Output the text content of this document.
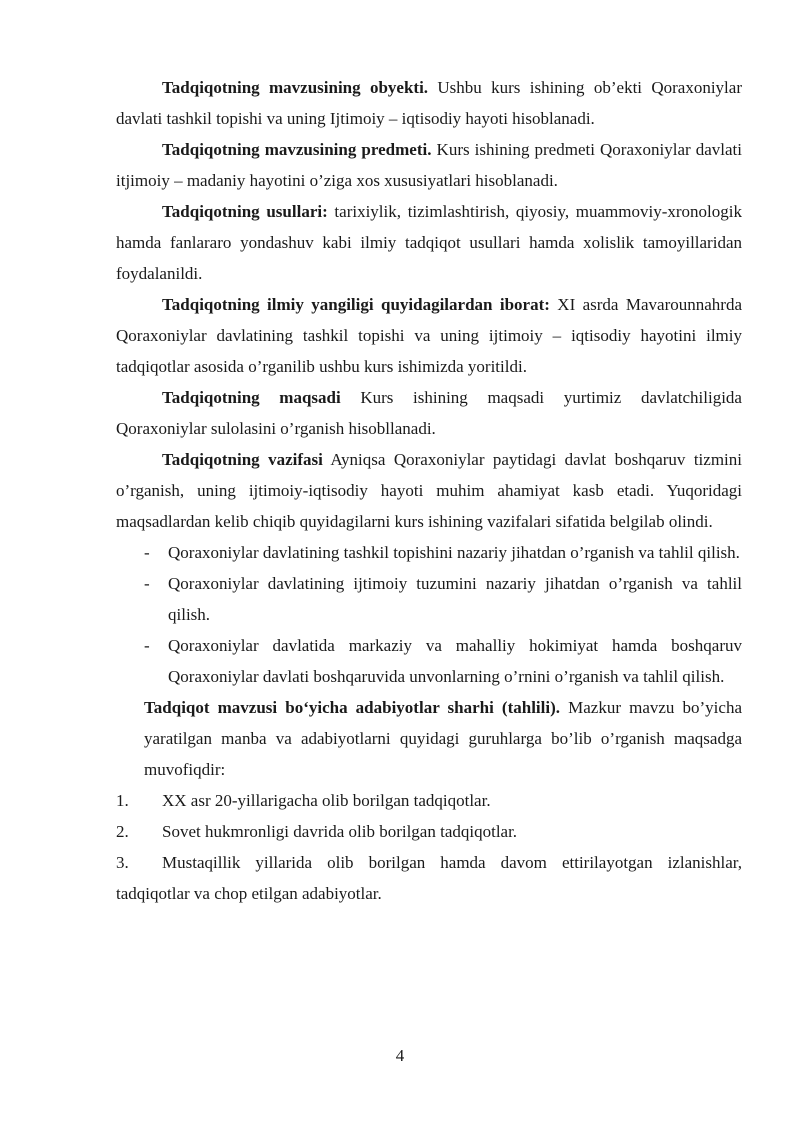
Tadqiqotning mavzusining obyekti. Ushbu kurs ishining ob’ekti Qoraxoniylar davlati tashkil topishi va uning Ijtimoiy – iqtisodiy hayoti hisoblanadi.

Tadqiqotning mavzusining predmeti. Kurs ishining predmeti Qoraxoniylar davlati itjimoiy – madaniy hayotini o’ziga xos xususiyatlari hisoblanadi.

Tadqiqotning usullari: tarixiylik, tizimlashtirish, qiyosiy, muammoviy-xronologik hamda fanlararo yondashuv kabi ilmiy tadqiqot usullari hamda xolislik tamoyillaridan foydalanildi.

Tadqiqotning ilmiy yangiligi quyidagilardan iborat: XI asrda Mavarounnahrda Qoraxoniylar davlatining tashkil topishi va uning ijtimoiy – iqtisodiy hayotini ilmiy tadqiqotlar asosida o’rganilib ushbu kurs ishimizda yoritildi.

Tadqiqotning maqsadi Kurs ishining maqsadi yurtimiz davlatchiligida Qoraxoniylar sulolasini o’rganish hisobllanadi.

Tadqiqotning vazifasi Ayniqsa Qoraxoniylar paytidagi davlat boshqaruv tizmini o’rganish, uning ijtimoiy-iqtisodiy hayoti muhim ahamiyat kasb etadi. Yuqoridagi maqsadlardan kelib chiqib quyidagilarni kurs ishining vazifalari sifatida belgilab olindi.

- Qoraxoniylar davlatining tashkil topishini nazariy jihatdan o’rganish va tahlil qilish.
- Qoraxoniylar davlatining ijtimoiy tuzumini nazariy jihatdan o’rganish va tahlil qilish.
- Qoraxoniylar davlatida markaziy va mahalliy hokimiyat hamda boshqaruv Qoraxoniylar davlati boshqaruvida unvonlarning o’rnini o’rganish va tahlil qilish.
Tadqiqot mavzusi bo‘yicha adabiyotlar sharhi (tahlili). Mazkur mavzu bo’yicha yaratilgan manba va adabiyotlarni quyidagi guruhlarga bo’lib o’rganish maqsadga muvofiqdir:
1. XX asr 20-yillarigacha olib borilgan tadqiqotlar.
2. Sovet hukmronligi davrida olib borilgan tadqiqotlar.
3. Mustaqillik yillarida olib borilgan hamda davom ettirilayotgan izlanishlar, tadqiqotlar va chop etilgan adabiyotlar.
4
